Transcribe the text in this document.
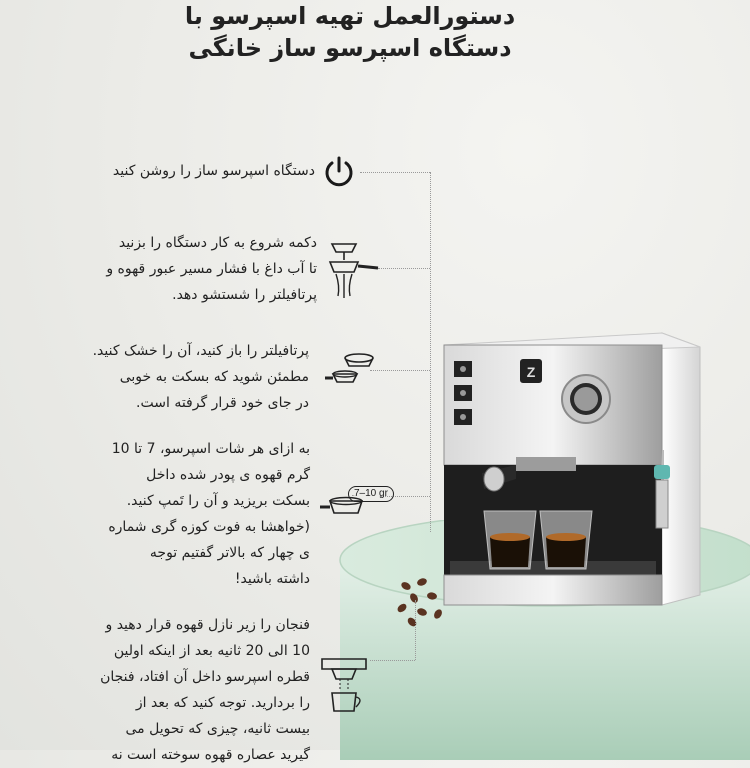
دستورالعمل تهیه اسپرسو با
دستگاه اسپرسو ساز خانگی
Z
دستگاه اسپرسو ساز را روشن کنید
دکمه شروع به کار دستگاه را بزنید
تا آب داغ با فشار مسیر عبور قهوه و
پرتافیلتر را شستشو دهد.
پرتافیلتر را باز کنید، آن را خشک کنید.
مطمئن شوید که بسکت به خوبی
در جای خود قرار گرفته است.
به ازای هر شات اسپرسو، 7 تا 10
گرم قهوه ی پودر شده داخل
بسکت بریزید و آن را تَمپ کنید.
(خواهشا به فوت کوزه گری شماره
ی چهار که بالاتر گفتیم توجه
داشته باشید!
7–10 gr
فنجان را زیر نازل قهوه قرار دهید و
10 الی 20 ثانیه بعد از اینکه اولین
قطره اسپرسو داخل آن افتاد، فنجان
را بردارید. توجه کنید که بعد از
بیست ثانیه، چیزی که تحویل می
گیرید عصاره قهوه سوخته است نه
